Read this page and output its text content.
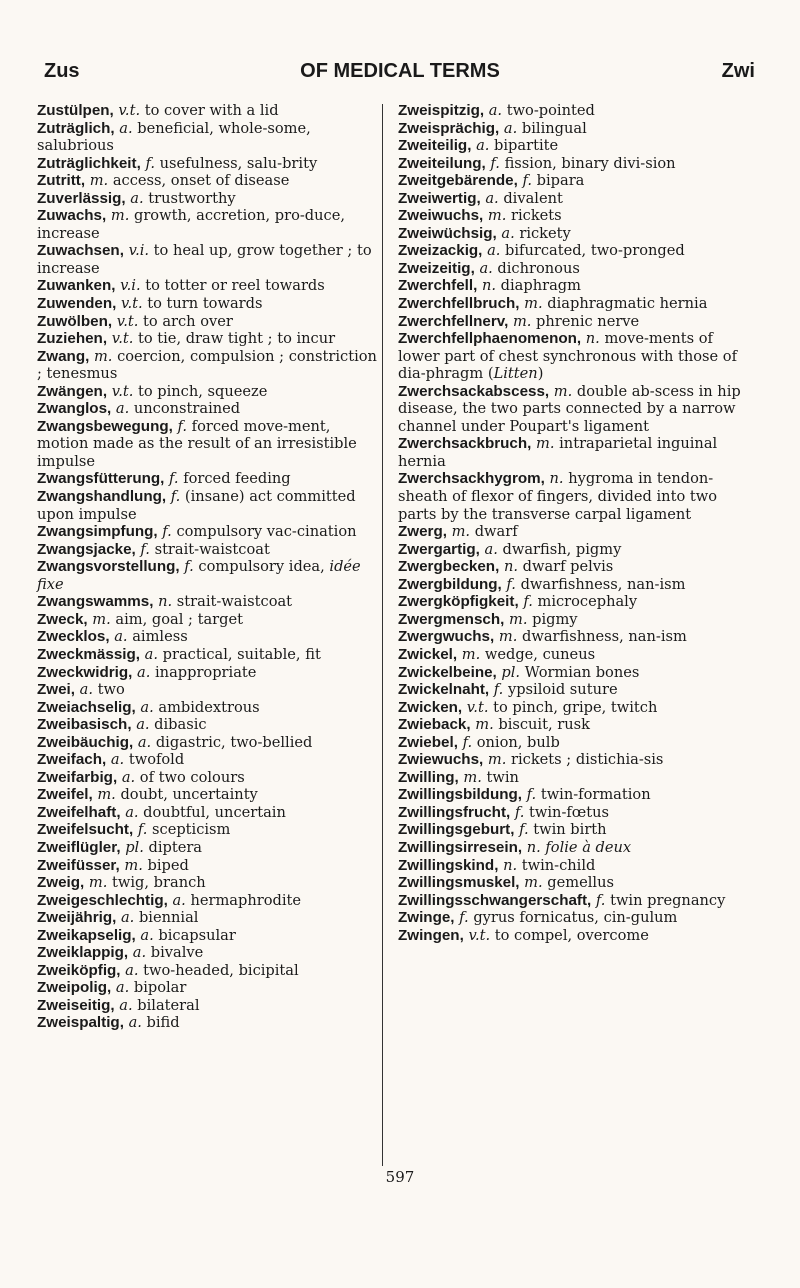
OF MEDICAL TERMS
Zus	Zwi
Zustülpen, v.t. to cover with a lid
Zuträglich, a. beneficial, whole-some, salubrious
Zuträglichkeit, f. usefulness, salu-brity
Zutritt, m. access, onset of disease
Zuverlässig, a. trustworthy
Zuwachs, m. growth, accretion, pro-duce, increase
Zuwachsen, v.i. to heal up, grow together ; to increase
Zuwanken, v.i. to totter or reel towards
Zuwenden, v.t. to turn towards
Zuwölben, v.t. to arch over
Zuziehen, v.t. to tie, draw tight ; to incur
Zwang, m. coercion, compulsion ; constriction ; tenesmus
Zwängen, v.t. to pinch, squeeze
Zwanglos, a. unconstrained
Zwangsbewegung, f. forced move-ment, motion made as the result of an irresistible impulse
Zwangsfütterung, f. forced feeding
Zwangshandlung, f. (insane) act committed upon impulse
Zwangsimpfung, f. compulsory vac-cination
Zwangsjacke, f. strait-waistcoat
Zwangsvorstellung, f. compulsory idea, idée fixe
Zwangswamms, n. strait-waistcoat
Zweck, m. aim, goal ; target
Zwecklos, a. aimless
Zweckmässig, a. practical, suitable, fit
Zweckwidrig, a. inappropriate
Zwei, a. two
Zweiachselig, a. ambidextrous
Zweibasisch, a. dibasic
Zweibäuchig, a. digastric, two-bellied
Zweifach, a. twofold
Zweifarbig, a. of two colours
Zweifel, m. doubt, uncertainty
Zweifelhaft, a. doubtful, uncertain
Zweifelsucht, f. scepticism
Zweiflügler, pl. diptera
Zweifüsser, m. biped
Zweig, m. twig, branch
Zweigeschlechtig, a. hermaphrodite
Zweijährig, a. biennial
Zweikapselig, a. bicapsular
Zweiklappig, a. bivalve
Zweiköpfig, a. two-headed, bicipital
Zweipolig, a. bipolar
Zweiseitig, a. bilateral
Zweispaltig, a. bifid
Zweispitzig, a. two-pointed
Zweisprächig, a. bilingual
Zweiteilig, a. bipartite
Zweiteilung, f. fission, binary divi-sion
Zweitgebärende, f. bipara
Zweiwertig, a. divalent
Zweiwuchs, m. rickets
Zweiwüchsig, a. rickety
Zweizackig, a. bifurcated, two-pronged
Zweizeitig, a. dichronous
Zwerchfell, n. diaphragm
Zwerchfellbruch, m. diaphragmatic hernia
Zwerchfellnerv, m. phrenic nerve
Zwerchfellphaenomenon, n. move-ments of lower part of chest synchronous with those of dia-phragm (Litten)
Zwerchsackabscess, m. double ab-scess in hip disease, the two parts connected by a narrow channel under Poupart's ligament
Zwerchsackbruch, m. intraparietal inguinal hernia
Zwerchsackhygrom, n. hygroma in tendon-sheath of flexor of fingers, divided into two parts by the transverse carpal ligament
Zwerg, m. dwarf
Zwergartig, a. dwarfish, pigmy
Zwergbecken, n. dwarf pelvis
Zwergbildung, f. dwarfishness, nan-ism
Zwergköpfigkeit, f. microcephaly
Zwergmensch, m. pigmy
Zwergwuchs, m. dwarfishness, nan-ism
Zwickel, m. wedge, cuneus
Zwickelbeine, pl. Wormian bones
Zwickelnaht, f. ypsiloid suture
Zwicken, v.t. to pinch, gripe, twitch
Zwieback, m. biscuit, rusk
Zwiebel, f. onion, bulb
Zwiewuchs, m. rickets ; distichia-sis
Zwilling, m. twin
Zwillingsbildung, f. twin-formation
Zwillingsfrucht, f. twin-fœtus
Zwillingsgeburt, f. twin birth
Zwillingsirresein, n. folie à deux
Zwillingskind, n. twin-child
Zwillingsmuskel, m. gemellus
Zwillingsschwangerschaft, f. twin pregnancy
Zwinge, f. gyrus fornicatus, cin-gulum
Zwingen, v.t. to compel, overcome
597
